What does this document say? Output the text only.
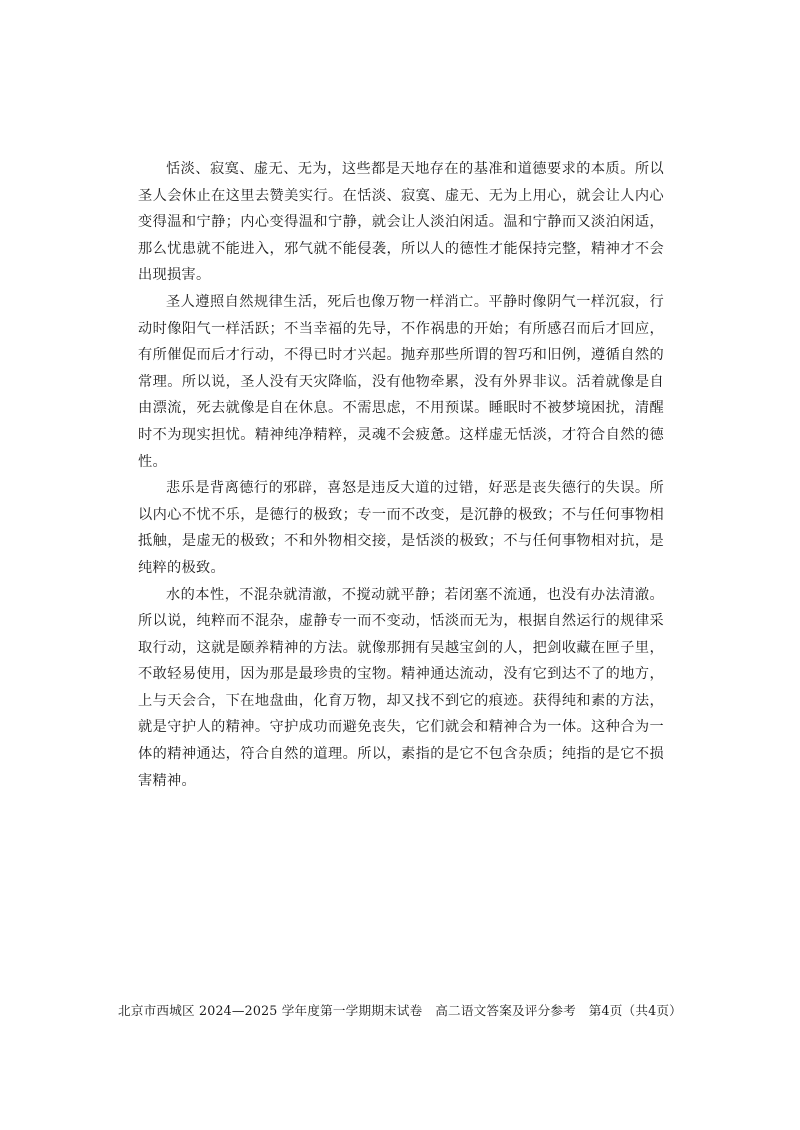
恬淡、寂寞、虚无、无为，这些都是天地存在的基准和道德要求的本质。所以圣人会休止在这里去赞美实行。在恬淡、寂寞、虚无、无为上用心，就会让人内心变得温和宁静；内心变得温和宁静，就会让人淡泊闲适。温和宁静而又淡泊闲适，那么忧患就不能进入，邪气就不能侵袭，所以人的德性才能保持完整，精神才不会出现损害。

圣人遵照自然规律生活，死后也像万物一样消亡。平静时像阴气一样沉寂，行动时像阳气一样活跃；不当幸福的先导，不作祸患的开始；有所感召而后才回应，有所催促而后才行动，不得已时才兴起。抛弃那些所谓的智巧和旧例，遵循自然的常理。所以说，圣人没有天灾降临，没有他物牵累，没有外界非议。活着就像是自由漂流，死去就像是自在休息。不需思虑，不用预谋。睡眠时不被梦境困扰，清醒时不为现实担忧。精神纯净精粹，灵魂不会疲惫。这样虚无恬淡，才符合自然的德性。

悲乐是背离德行的邪辟，喜怒是违反大道的过错，好恶是丧失德行的失误。所以内心不忧不乐，是德行的极致；专一而不改变，是沉静的极致；不与任何事物相抵触，是虚无的极致；不和外物相交接，是恬淡的极致；不与任何事物相对抗，是纯粹的极致。

水的本性，不混杂就清澈，不搅动就平静；若闭塞不流通，也没有办法清澈。所以说，纯粹而不混杂，虚静专一而不变动，恬淡而无为，根据自然运行的规律采取行动，这就是颐养精神的方法。就像那拥有吴越宝剑的人，把剑收藏在匣子里，不敢轻易使用，因为那是最珍贵的宝物。精神通达流动，没有它到达不了的地方，上与天会合，下在地盘曲，化育万物，却又找不到它的痕迹。获得纯和素的方法，就是守护人的精神。守护成功而避免丧失，它们就会和精神合为一体。这种合为一体的精神通达，符合自然的道理。所以，素指的是它不包含杂质；纯指的是它不损害精神。

北京市西城区 2024—2025 学年度第一学期期末试卷　高二语文答案及评分参考　第4页（共4页）
